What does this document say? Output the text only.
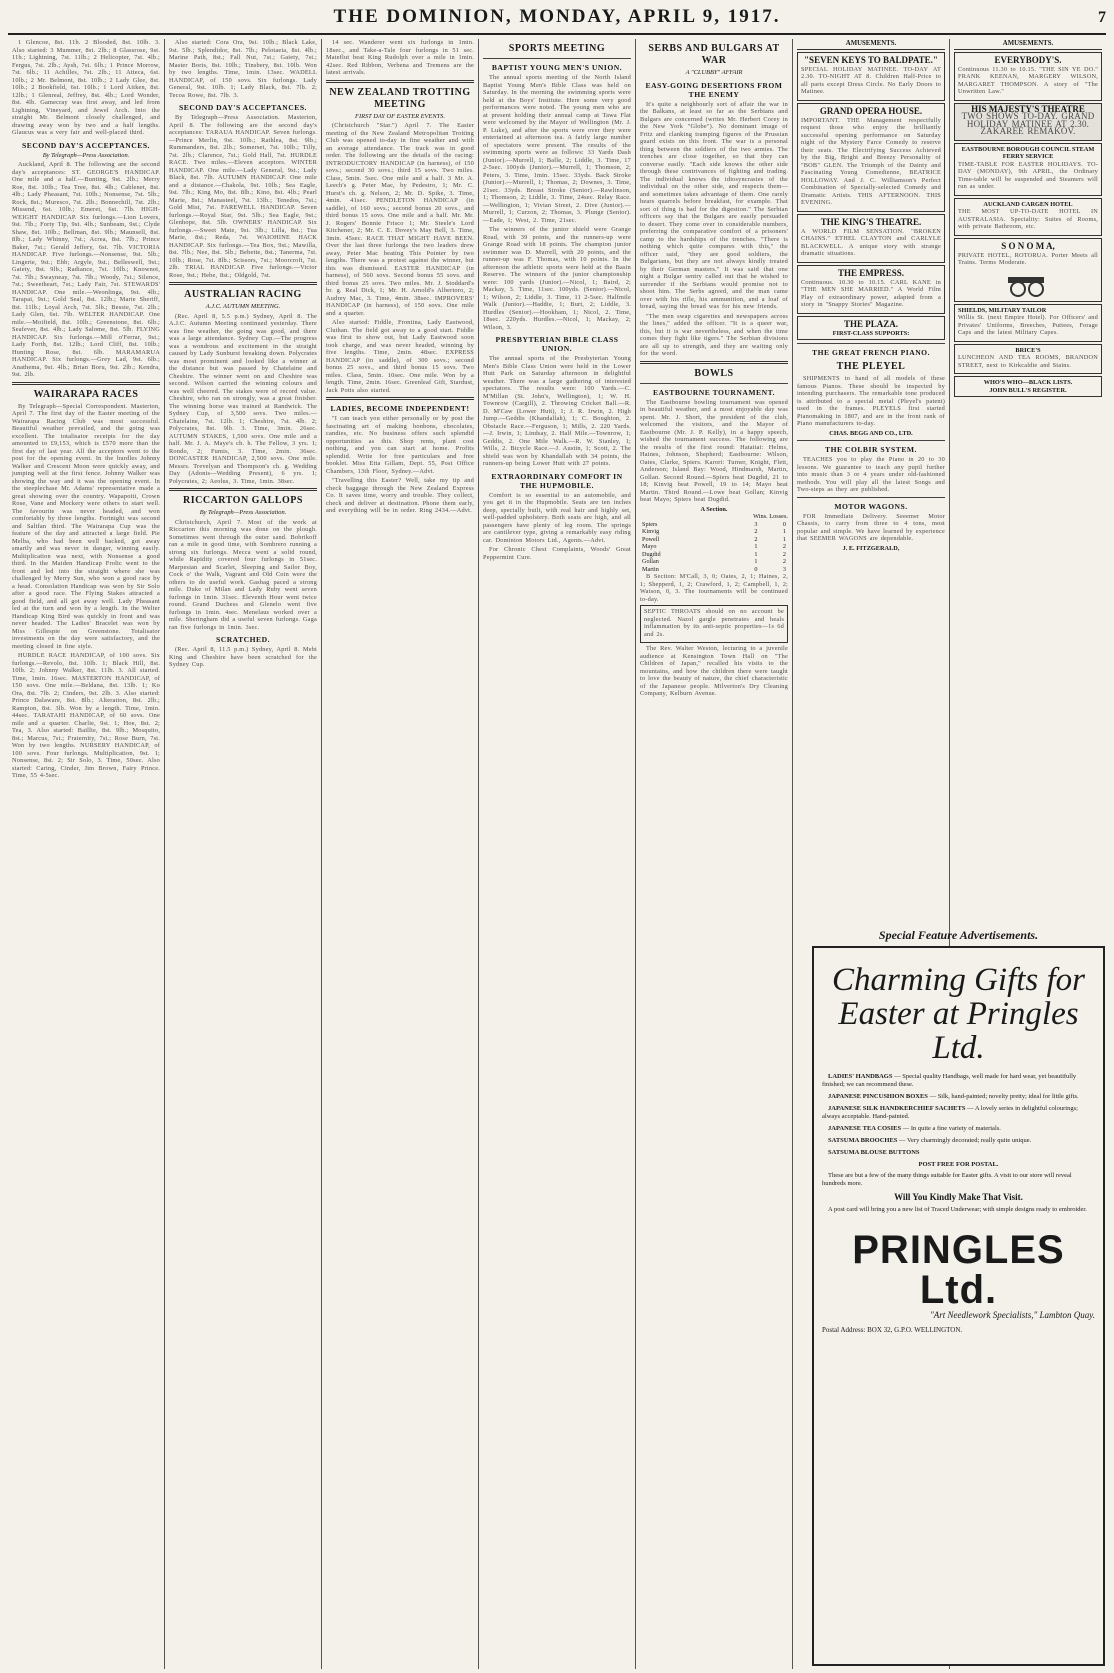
THE DOMINION, MONDAY, APRIL 9, 1917.	7

1 Glencoe, 8st. 11b. 2 Blooded, 8st. 10lb. 3. Also started: 3 Mummer, 8st. 2lb.; 8 Glassrose, 9st. 11b.; Lightning, 7st. 11lb.; 2 Helicopter, 7st. 4lb.; Fergus, 7st. 2lb.; Aysh, 7st. 6lb.; 1 Prince Morrow, 7st. 6lb.; 11 Achilles, 7st. 2lb.; 11 Atteca, 6st. 10lb.; 2 Mr. Belmont, 8st. 10lb.; 2 Lady Glee, 8st. 10lb.; 2 Bookfield, 6st. 10lb.; 1 Lord Aitken, 8st. 12lb.; 1 Glenreal, Jeffrey, 8st. 4lb.; Lord Wonder, 8st. 4lb. Gamecray was first away, and led from Lightning, Vineyard, and Jewel Arch. Into the straight Mr. Belmont closely challenged, and drawing away won by two and a half lengths. Glaucus was a very fair and well-placed third.

SECOND DAY'S ACCEPTANCES.
By Telegraph—Press Association.

Auckland, April 8. The following are the second day's acceptances: ST. GEORGE'S HANDICAP. One mile and a half.—Bunting, 9st. 2lb.; Merry Roe, 8st. 10lb.; Tea Tree, 8st. 4lb.; Cablenet, 8st. 4lb.; Lady Pheasant, 7st. 10lb.; Nonsense, 7st. 5lb.; Rock, 8st.; Muresco, 7st. 2lb.; Bonnechill, 7st. 2lb.; Missend, 6st. 10lb.; Emeret, 6st. 7lb. HIGH-WEIGHT HANDICAP. Six furlongs.—Lion Lovers, 9st. 7lb.; Forty Tip, 9st. 4lb.; Sunbeam, 9st.; Clyde Shaw, 8st. 10lb.; Bellman, 8st. 9lb.; Maunsell, 8st. 8lb.; Lady Whinny, 7st.; Acrea, 8st. 7lb.; Prince Baker, 7st.; Gerald Jeffery, 6st. 7lb. VICTORIA HANDICAP. Five furlongs.—Nonsense, 9st. 5lb.; Lingerie, 9st.; Ebb; Argyle, 9st.; Belleswell, 9st.; Gaiety, 8st. 9lb.; Radiance, 7st. 10lb.; Knownot, 7st. 7lb.; Swayneay, 7st. 7lb.; Woody, 7st.; Silence, 7st.; Sweetheart, 7st.; Lady Fair, 7st. STEWARDS' HANDICAP. One mile.—Weonlinga, 9st. 4lb.; Tarapai, 9st.; Gold Seal, 8st. 12lb.; Marie Sheriff, 8st. 11lb.; Loyal Arch, 7st. 5lb.; Bessie, 7st. 2lb.; Lady Glen, 6st. 7lb. WELTER HANDICAP. One mile.—Moifield, 8st. 10lb.; Greenstone, 8st. 6lb.; Seafever, 8st. 4lb.; Lady Salome, 8st. 5lb. FLYING HANDICAP. Six furlongs.—Mill o'Ferrar, 9st.; Lady Forth, 8st. 12lb.; Lord Cliff, 8st. 10lb.; Hunting Rose, 8st. 6lb. MARAMARUA HANDICAP. Six furlongs.—Grey Lad, 9st. 6lb.; Anathema, 9st. 4lb.; Brian Boru, 9st. 2lb.; Kendra, 9st. 2lb.

WAIRARAPA RACES

By Telegraph—Special Correspondent. Masterton, April 7. The first day of the Easter meeting of the Wairarapa Racing Club was most successful. Beautiful weather prevailed, and the going was excellent. The totalisator receipts for the day amounted to £9,153, which is £570 more than the first day of last year. All the acceptors went to the post for the opening event. In the hurdles Johnny Walker and Crescent Moon were quickly away, and jumping well at the first fence. Johnny Walker was showing the way and it was the opening event. In the steeplechase Mr. Adams' representative made a great showing over the country. Wapapoiti, Crown Rose, Vane and Mockery were others to start well. The favourite was never headed, and won comfortably by three lengths. Fortnight was second and Saltfan third. The Wairarapa Cup was the feature of the day and attracted a large field. Pie Melba, who had been well backed, got away smartly and was never in danger, winning easily. Multiplication was next, with Nonsense a good third. In the Maiden Handicap Frolic went to the front and led into the straight where she was challenged by Merry Sun, who won a good race by a head. Consolation Handicap was won by Sir Solo after a good race. The Flying Stakes attracted a good field, and all got away well. Lady Pheasant led at the turn and won by a length. In the Welter Handicap King Bird was quickly in front and was never headed. The Ladies' Bracelet was won by Miss Gillespie on Greenstone. Totalisator investments on the day were satisfactory, and the meeting closed in fine style.

HURDLE RACE HANDICAP, of 100 sovs. Six furlongs.—Revolo, 8st. 10lb. 1; Black Hill, 8st. 10lb. 2; Johnny Walker, 8st. 11lb. 3. All started. Time, 1min. 16sec. MASTERTON HANDICAP, of 150 sovs. One mile.—Beldana, 8st. 13lb. 1; Ko Ora, 8st. 7lb. 2; Cinders, 9st. 2lb. 3. Also started: Prince Dalaware, 8st. 8lb.; Alteration, 8st. 2lb.; Rampion, 8st. 3lb. Won by a length. Time, 1min. 44sec. TARATAHI HANDICAP, of 60 sovs. One mile and a quarter. Charlie, 9st. 1; Hoe, 8st. 2; Tea, 3. Also started: Baillie, 8st. 9lb.; Mosquito, 8st.; Marcus, 7st.; Fraternity, 7st.; Rose Burn, 7st. Won by two lengths. NURSERY HANDICAP, of 100 sovs. Four furlongs. Multiplication, 9st. 1; Nonsense, 8st. 2; Sir Solo, 3. Time, 50sec. Also started: Caring, Cinder, Jim Brown, Fairy Prince. Time, 55 4-5sec.

Also started: Cora Ora, 9st. 10lb.; Black Lake, 9st. 5lb.; Splendidor, 8st. 7lb.; Pelotaeia, 8st. 4lb.; Marine Path, 8st.; Fall Nut, 7st.; Gaiety, 7st.; Master Boris, 8st. 10lb.; Tinsbery, 8st. 10lb. Won by two lengths. Time, 1min. 13sec. WADELL HANDICAP, of 150 sovs. Six furlongs. Lady General, 9st. 10lb. 1; Lady Black, 8st. 7lb. 2; Tecoa Rowe, 8st. 7lb. 3.

SECOND DAY'S ACCEPTANCES.

By Telegraph—Press Association. Masterton, April 8. The following are the second day's acceptances: TARAUA HANDICAP. Seven furlongs.—Prince Merlin, 9st. 10lb.; Rathlea, 8st. 9lb.; Rummanders, 8st. 2lb.; Somerset, 7st. 10lb.; Tilly, 7st. 2lb.; Clarence, 7st.; Gold Hall, 7st. HURDLE RACE. Two miles.—Eleven acceptors. WINTER HANDICAP. One mile.—Lady General, 9st.; Lady Black, 8st. 7lb. AUTUMN HANDICAP. One mile and a distance.—Chakola, 9st. 10lb.; Sea Eagle, 9st. 7lb.; King Mo, 8st. 8lb.; Kino, 8st. 4lb.; Pearl Marie, 8st.; Manasteel, 7st. 13lb.; Tenedos, 7st.; Gold Mist, 7st. FAREWELL HANDICAP. Seven furlongs.—Royal Star, 9st. 5lb.; Sea Eagle, 9st.; Glenhope, 8st. 5lb. OWNERS' HANDICAP. Six furlongs.—Sweet Mate, 9st. 3lb.; Lilla, 8st.; Tua Marie, 8st.; Reda, 7st. WAIOHINE HACK HANDICAP. Six furlongs.—Tea Box, 9st.; Mawilla, 8st. 7lb.; Nee, 8st. 5lb.; Bebette, 8st.; Tanerma, 7st. 10lb.; Rose, 7st. 8lb.; Scissors, 7st.; Moorcroft, 7st. 2lb. TRIAL HANDICAP. Five furlongs.—Victor Rose, 9st.; Hebe, 8st.; Oldgold, 7st.

AUSTRALIAN RACING
A.J.C. AUTUMN MEETING.

(Rec. April 8, 5.5 p.m.) Sydney, April 8. The A.J.C. Autumn Meeting continued yesterday. There was fine weather, the going was good, and there was a large attendance. Sydney Cup.—The progress was a wondrous and excitement in the straight caused by Lady Sunburst breaking down. Polycrates was most prominent and looked like a winner at the distance but was passed by Chatelaine and Cheshire. The winner went on and Cheshire was second. Wilson carried the winning colours and was well cheered. The stakes were of record value. Cheshire, who ran on strongly, was a great finisher. The winning horse was trained at Randwick. The Sydney Cup, of 3,500 sovs. Two miles.—Chatelaine, 7st. 12lb. 1; Cheshire, 7st. 4lb. 2; Polycrates, 8st. 9lb. 3. Time, 3min. 26sec. AUTUMN STAKES, 1,500 sovs. One mile and a half. Mr. J. A. Maye's ch. h. The Fellow, 3 yrs. 1; Rondo, 2; Fumis, 3. Time, 2min. 36sec. DONCASTER HANDICAP, 2,500 sovs. One mile. Messrs. Trevelyan and Thompson's ch. g. Wedding Day (Adonis—Wedding Present), 6 yrs. 1; Polycrates, 2; Aeolus, 3. Time, 1min. 38sec.

RICCARTON GALLOPS
By Telegraph—Press Association.

Christchurch, April 7. Most of the work at Riccarton this morning was done on the plough. Sometimes went through the outer sand. Bobrikoff ran a mile in good time, with Sombrero running a strong six furlongs. Mecca went a solid round, while Rapidity covered four furlongs in 51sec. Marpesian and Scarlet, Sleeping and Sailor Boy, Cock o' the Walk, Vagrant and Old Coin were the others to do useful work. Gasbag paced a strong mile. Duke of Milan and Lady Ruby went seven furlongs in 1min. 31sec. Eleventh Hour went twice round. Grand Duchess and Glenelo went five furlongs in 1min. 4sec. Menelaus worked over a mile. Sheringham did a useful seven furlongs. Gaga ran five furlongs in 1min. 3sec.

SCRATCHED.

(Rec. April 8, 11.5 p.m.) Sydney, April 8. Mebi King and Cheshire have been scratched for the Sydney Cup.

14 sec. Wanderer went six furlongs in 1min. 18sec., and Take-a-Tale four furlongs in 51 sec. Mateflut beat King Rudolph over a mile in 1min. 42sec. Red Ribbon, Verbena and Tremens are the latest arrivals.

NEW ZEALAND TROTTING MEETING
FIRST DAY OF EASTER EVENTS.

(Christchurch "Star.") April 7. The Easter meeting of the New Zealand Metropolitan Trotting Club was opened to-day in fine weather and with an average attendance. The track was in good order. The following are the details of the racing: INTRODUCTORY HANDICAP (in harness), of 150 sovs.; second 30 sovs.; third 15 sovs. Two miles. Class, 5min. 5sec. One mile and a half. 3 Mr. A. Leech's g. Peter Mac, by Pedestro, 1; Mr. C. Hurst's ch. g. Nelson, 2; Mr. D. Spike, 3. Time, 4min. 41sec. PENDLETON HANDICAP (in saddle), of 160 sovs.; second bonus 20 sovs., and third bonus 15 sovs. One mile and a half. Mr. Mr. J. Rogers' Bonnie Frisco 1; Mr. Steele's Lord Kitchener, 2; Mr. C. E. Dovey's May Bell, 3. Time, 3min. 45sec. RACE THAT MIGHT HAVE BEEN. Over the last three furlongs the two leaders drew away, Peter Mac beating This Pointer by two lengths. There was a protest against the winner, but this was dismissed. EASTER HANDICAP (in harness), of 560 sovs. Second bonus 55 sovs. and third bonus 25 sovs. Two miles. Mr. J. Stoddard's br. g. Real Dick, 1; Mr. H. Arnold's Albertoro, 2; Audrey Mac, 3. Time, 4min. 38sec. IMPROVERS' HANDICAP (in harness), of 150 sovs. One mile and a quarter.

Also started: Fiddle, Frontina, Lady Eastwood, Cluthan. The field got away to a good start. Fiddle was first to show out, but Lady Eastwood soon took charge, and was never headed, winning by five lengths. Time, 2min. 48sec. EXPRESS HANDICAP (in saddle), of 300 sovs.; second bonus 25 sovs., and third bonus 15 sovs. Two miles. Class, 5min. 10sec. One mile. Won by a length. Time, 2min. 16sec. Greenleaf Gift, Stardust, Jack Potts also started.

LADIES, BECOME INDEPENDENT!

"I can teach you either personally or by post the fascinating art of making bonbons, chocolates, candies, etc. No business offers such splendid opportunities as this. Shop rents, plant cost nothing, and you can start at home. Profits splendid. Write for free particulars and free booklet. Miss Etta Gillam, Dept. 55, Post Office Chambers, 13th Floor, Sydney.—Advt.

"Travelling this Easter? Well, take my tip and check baggage through the New Zealand Express Co. It saves time, worry and trouble. They collect, check and deliver at destination. Phone them early, and everything will be in order. Ring 2434.—Advt.

SPORTS MEETING
BAPTIST YOUNG MEN'S UNION.

The annual sports meeting of the North Island Baptist Young Men's Bible Class was held on Saturday. In the morning the swimming sports were held at the Boys' Institute. Here some very good performances were noted. The young men who are at present holding their annual camp at Tawa Flat were welcomed by the Mayor of Wellington (Mr. J. P. Luke), and after the sports were over they were entertained at afternoon tea. A fairly large number of spectators were present. The results of the swimming sports were as follows: 33 Yards Dash (Junior).—Murrell, 1; Balle, 2; Liddle, 3. Time, 17 2-5sec. 100yds (Junior).—Murrell, 1; Thomson, 2; Peters, 3. Time, 1min. 15sec. 33yds. Back Stroke (Junior).—Murrell, 1; Thomas, 2; Downes, 3. Time, 21sec. 33yds. Breast Stroke (Senior).—Rawlinson, 1; Thomson, 2; Liddle, 3. Time, 24sec. Relay Race.—Wellington, 1; Vivian Street, 2. Dive (Junior).—Murrell, 1; Curzon, 2; Thomas, 3. Plunge (Senior).—Eade, 1; West, 2. Time, 21sec.

The winners of the junior shield were Grange Road, with 39 points, and the runners-up were Grange Road with 18 points. The champion junior swimmer was D. Murrell, with 20 points, and the runner-up was F. Thomas, with 10 points. In the afternoon the athletic sports were held at the Basin Reserve. The winners of the junior championship were: 100 yards (Junior).—Nicol, 1; Baird, 2; Mackay, 3. Time, 11sec. 100yds. (Senior).—Nicol, 1; Wilson, 2; Liddle, 3. Time, 11 2-5sec. Halfmile Walk (Junior).—Haddie, 1; Burt, 2; Liddle, 3. Hurdles (Senior).—Hookham, 1; Nicol, 2. Time, 18sec. 220yds. Hurdles.—Nicol, 1; Mackay, 2; Wilson, 3.

PRESBYTERIAN BIBLE CLASS UNION.

The annual sports of the Presbyterian Young Men's Bible Class Union were held in the Lower Hutt Park on Saturday afternoon in delightful weather. There was a large gathering of interested spectators. The results were: 100 Yards.—C. M'Millan (St. John's, Wellington), 1; W. H. Townrow (Cargill), 2. Throwing Cricket Ball.—R. D. M'Caw (Lower Hutt), 1; J. R. Irwin, 2. High Jump.—Geddis (Khandallah), 1; C. Boughton, 2. Obstacle Race.—Ferguson, 1; Mills, 2. 220 Yards.—J. Irwin, 1; Lindsay, 2. Half Mile.—Townrow, 1; Geddis, 2. One Mile Walk.—R. W. Stanley, 1; Wills, 2. Bicycle Race.—J. Austin, 1; Scott, 2. The shield was won by Khandallah with 34 points, the runners-up being Lower Hutt with 27 points.

EXTRAORDINARY COMFORT IN THE HUPMOBILE.

Comfort is so essential to an automobile, and you get it in the Hupmobile. Seats are ten inches deep, specially built, with real hair and highly set, well-padded upholstery. Both seats are high, and all passengers have plenty of leg room. The springs are cantilever type, giving a remarkably easy riding car. Dominion Motors Ltd., Agents.—Advt.

For Chronic Chest Complaints, Woods' Great Peppermint Cure.

SERBS AND BULGARS AT WAR
A "CLUBBY" AFFAIR
EASY-GOING DESERTIONS FROM THE ENEMY

It's quite a neighbourly sort of affair the war in the Balkans, at least so far as the Serbians and Bulgars are concerned (writes Mr. Herbert Corey in the New York "Globe"). No dominant image of Fritz and clanking tramping figures of the Prussian guard exists on this front. The war is a personal thing between the soldiers of the two armies. The trenches are close together, so that they can converse easily. "Each side knows the other side through these contrivances of fighting and trading. The individual knows the idiosyncrasies of the individual on the other side, and respects them—and sometimes takes advantage of them. One rarely hears quarrels before breakfast, for example. That sort of thing is bad for the digestion." The Serbian officers say that the Bulgars are easily persuaded to desert. They come over in considerable numbers, preferring the comparative comfort of a prisoners' camp to the hardships of the trenches. "There is nothing which quite compares with this," the officer said, "they are good soldiers, the Bulgarians, but they are not always kindly treated by their German masters." It was said that one night a Bulgar sentry called out that he wished to surrender if the Serbians would promise not to shoot him. The Serbs agreed, and the man came over with his rifle, his ammunition, and a loaf of bread, saying the bread was for his new friends.

"The men swap cigarettes and newspapers across the lines," added the officer. "It is a queer war, this, but it is war nevertheless, and when the time comes they fight like tigers." The Serbian divisions are all up to strength, and they are waiting only for the word.

BOWLS
EASTBOURNE TOURNAMENT.

The Eastbourne bowling tournament was opened in beautiful weather, and a most enjoyable day was spent. Mr. J. Short, the president of the club, welcomed the visitors, and the Mayor of Eastbourne (Mr. J. P. Kelly), in a happy speech, wished the tournament success. The following are the results of the first round: Hataitai: Helms, Haines, Johnson, Shepherd; Eastbourne: Wilson, Oates, Clarke, Spiers. Karori: Turner, Knight, Flett, Anderson; Island Bay: Wood, Hindmarsh, Martin, Gollan. Second Round.—Spiers beat Dugdid, 21 to 18; Kinvig beat Powell, 19 to 14; Mayo beat Martin. Third Round.—Lowe beat Gollan; Kinvig beat Mayo; Spiers beat Dugdid.

A Section.
Wins. Losses.
Spiers	3	0
Kinvig	2	1
Powell	2	1
Mayo	1	2
Dugdid	1	2
Gollan	1	2
Martin	0	3

B Section: M'Call, 3, 0; Oates, 2, 1; Haines, 2, 1; Shepperd, 1, 2; Crawford, 1, 2; Campbell, 1, 2; Watson, 0, 3. The tournaments will be continued to-day.

SEPTIC THROATS should on no account be neglected. Nazol gargle penetrates and heals inflammation by its anti-septic properties—1s 6d and 2s.

The Rev. Walter Weston, lecturing to a juvenile audience at Kensington Town Hall on "The Children of Japan," recalled his visits to the mountains, and how the children there were taught to love the beauty of nature, the chief characteristic of the Japanese people. Milverton's Dry Cleaning Company, Kelburn Avenue.

AMUSEMENTS.
"SEVEN KEYS TO BALDPATE."

SPECIAL HOLIDAY MATINEE. TO-DAY AT 2.30. TO-NIGHT AT 8. Children Half-Price to all parts except Dress Circle. No Early Doors to Matinee.

GRAND OPERA HOUSE.

IMPORTANT. THE Management respectfully request those who enjoy the brilliantly successful opening performance on Saturday night of the Mystery Farce Comedy to reserve their seats. The Electrifying Success Achieved by the Big, Bright and Breezy Personality of "BOB" GLEN. The Triumph of the Dainty and Fascinating Young Comedienne, BEATRICE HOLLOWAY. And J. C. Williamson's Perfect Combination of Specially-selected Comedy and Dramatic Artists. THIS AFTERNOON. THIS EVENING.

THE KING'S THEATRE.

A WORLD FILM SENSATION. "BROKEN CHAINS." ETHEL CLAYTON and CARLYLE BLACKWELL. A unique story with strange dramatic situations.

THE EMPRESS.

Continuous. 10.30 to 10.15. CARL KANE in "THE MEN SHE MARRIED." A World Film Play of extraordinary power, adapted from a story in "Snappy Stories" Magazine.

THE PLAZA.
FIRST-CLASS SUPPORTS:
THE GREAT FRENCH PIANO.
THE PLEYEL

SHIPMENTS to hand of all models of these famous Pianos. These should be inspected by intending purchasers. The remarkable tone produced is attributed to a special metal (Pleyel's patent) used in the frames. PLEYELS first started Pianomaking in 1807, and are in the front rank of Piano manufacturers to-day.

CHAS. BEGG AND CO., LTD.
THE COLBIR SYSTEM.

TEACHES you to play the Piano in 20 to 30 lessons. We guarantee to teach any pupil further into music than 3 or 4 years under old-fashioned methods. You will play all the latest Songs and Two-steps as they are published.

MOTOR WAGONS.

FOR Immediate Delivery. Seeemer Motor Chassis, to carry from three to 4 tons, most popular and simple. We have learned by experience that SEEMER WAGONS are dependable.

J. E. FITZGERALD,
AMUSEMENTS.
EVERYBODY'S.

Continuous 11.30 to 10.15. "THE SIN YE DO." FRANK KEENAN, MARGERY WILSON, MARGARET THOMPSON. A story of "The Unwritten Law."

HIS MAJESTY'S THEATRE

TWO SHOWS TO-DAY. GRAND HOLIDAY MATINEE AT 2.30. ZAKAREE REMAKOV.

EASTBOURNE BOROUGH COUNCIL STEAM FERRY SERVICE

TIME-TABLE FOR EASTER HOLIDAYS. TO-DAY (MONDAY), 9th APRIL, the Ordinary Time-table will be suspended and Steamers will run as under.

AUCKLAND CARGEN HOTEL

THE MOST UP-TO-DATE HOTEL IN AUSTRALASIA. Speciality: Suites of Rooms, with private Bathroom, etc.

S O N O M A,

PRIVATE HOTEL, ROTORUA. Porter Meets all Trains. Terms Moderate.

SHIELDS, MILITARY TAILOR

Willis St. (next Empire Hotel). For Officers' and Privates' Uniforms, Breeches, Puttees, Forage Caps and the latest Military Capes.

BRICE'S

LUNCHEON AND TEA ROOMS, BRANDON STREET, next to Kirkcaldie and Stains.

WHO'S WHO—BLACK LISTS.
JOHN BULL'S REGISTER.
Special Feature Advertisements.
Charming Gifts for Easter at Pringles Ltd.

LADIES' HANDBAGS — Special quality Handbags, well made for hard wear, yet beautifully finished; we can recommend these.

JAPANESE PINCUSHION BOXES — Silk, hand-painted; novelty pretty; ideal for little gifts.

JAPANESE SILK HANDKERCHIEF SACHETS — A lovely series in delightful colourings; always acceptable. Hand-painted.

JAPANESE TEA COSIES — In quite a fine variety of materials.

SATSUMA BROOCHES — Very charmingly decorated; really quite unique.

SATSUMA BLOUSE BUTTONS

POST FREE FOR POSTAL.

These are but a few of the many things suitable for Easter gifts. A visit to our store will reveal hundreds more.

Will You Kindly Make That Visit.

A post card will bring you a new list of Traced Underwear; with simple designs ready to embroider.

PRINGLES Ltd.
"Art Needlework Specialists," Lambton Quay.
Postal Address: BOX 32, G.P.O. WELLINGTON.
